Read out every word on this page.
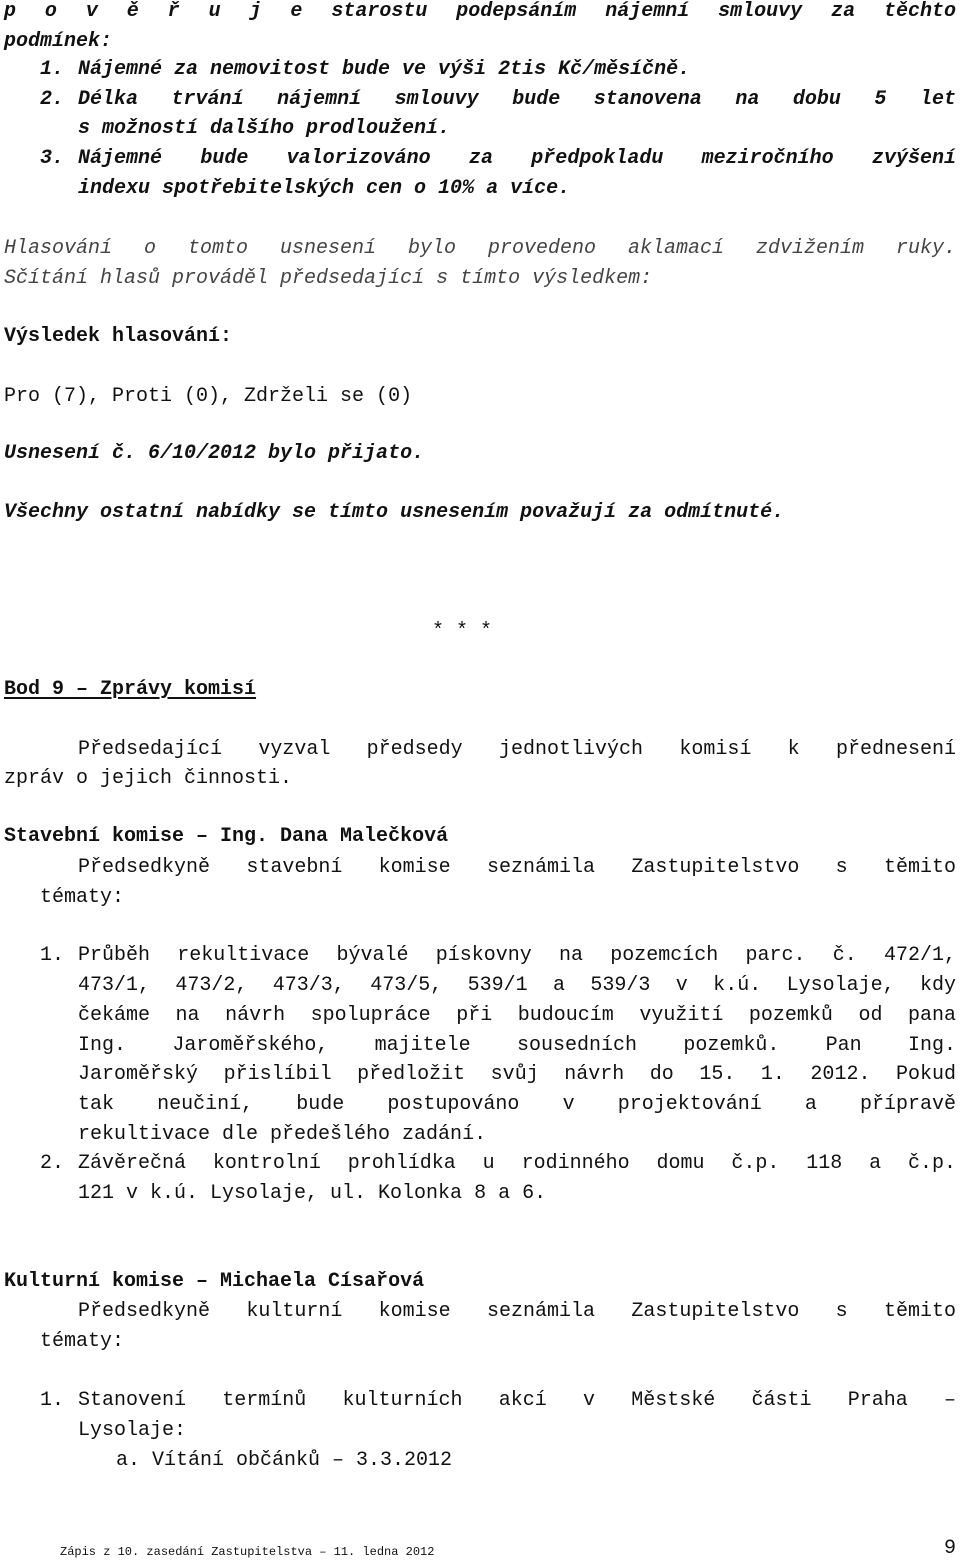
p o v ě ř u j e starostu podepsáním nájemní smlouvy za těchto
podmínek:
1. Nájemné za nemovitost bude ve výši 2tis Kč/měsíčně.
2. Délka trvání nájemní smlouvy bude stanovena na dobu 5 let
s možností dalšího prodloužení.
3. Nájemné bude valorizováno za předpokladu meziročního zvýšení
indexu spotřebitelských cen o 10% a více.
Hlasování o tomto usnesení bylo provedeno aklamací zdvižením ruky.
Sčítání hlasů prováděl předsedající s tímto výsledkem:
Výsledek hlasování:
Pro (7), Proti (0), Zdrželi se (0)
Usnesení č. 6/10/2012 bylo přijato.
Všechny ostatní nabídky se tímto usnesením považují za odmítnuté.
* * *
Bod 9 – Zprávy komisí
Předsedající vyzval předsedy jednotlivých komisí k přednesení
zpráv o jejich činnosti.
Stavební komise – Ing. Dana Malečková
Předsedkyně stavební komise seznámila Zastupitelstvo s těmito
tématy:
1. Průběh rekultivace bývalé pískovny na pozemcích parc. č. 472/1,
473/1, 473/2, 473/3, 473/5, 539/1 a 539/3 v k.ú. Lysolaje, kdy
čekáme na návrh spolupráce při budoucím využití pozemků od pana
Ing. Jaroměřského, majitele sousedních pozemků. Pan Ing.
Jaroměřský přislíbil předložit svůj návrh do 15. 1. 2012. Pokud
tak neučiní, bude postupováno v projektování a přípravě
rekultivace dle předešlého zadání.
2. Závěrečná kontrolní prohlídka u rodinného domu č.p. 118 a č.p.
121 v k.ú. Lysolaje, ul. Kolonka 8 a 6.
Kulturní komise – Michaela Císařová
Předsedkyně kulturní komise seznámila Zastupitelstvo s těmito
tématy:
1. Stanovení termínů kulturních akcí v Městské části Praha –
Lysolaje:
a. Vítání občánků – 3.3.2012
Zápis z 10. zasedání Zastupitelstva – 11. ledna 2012	9
